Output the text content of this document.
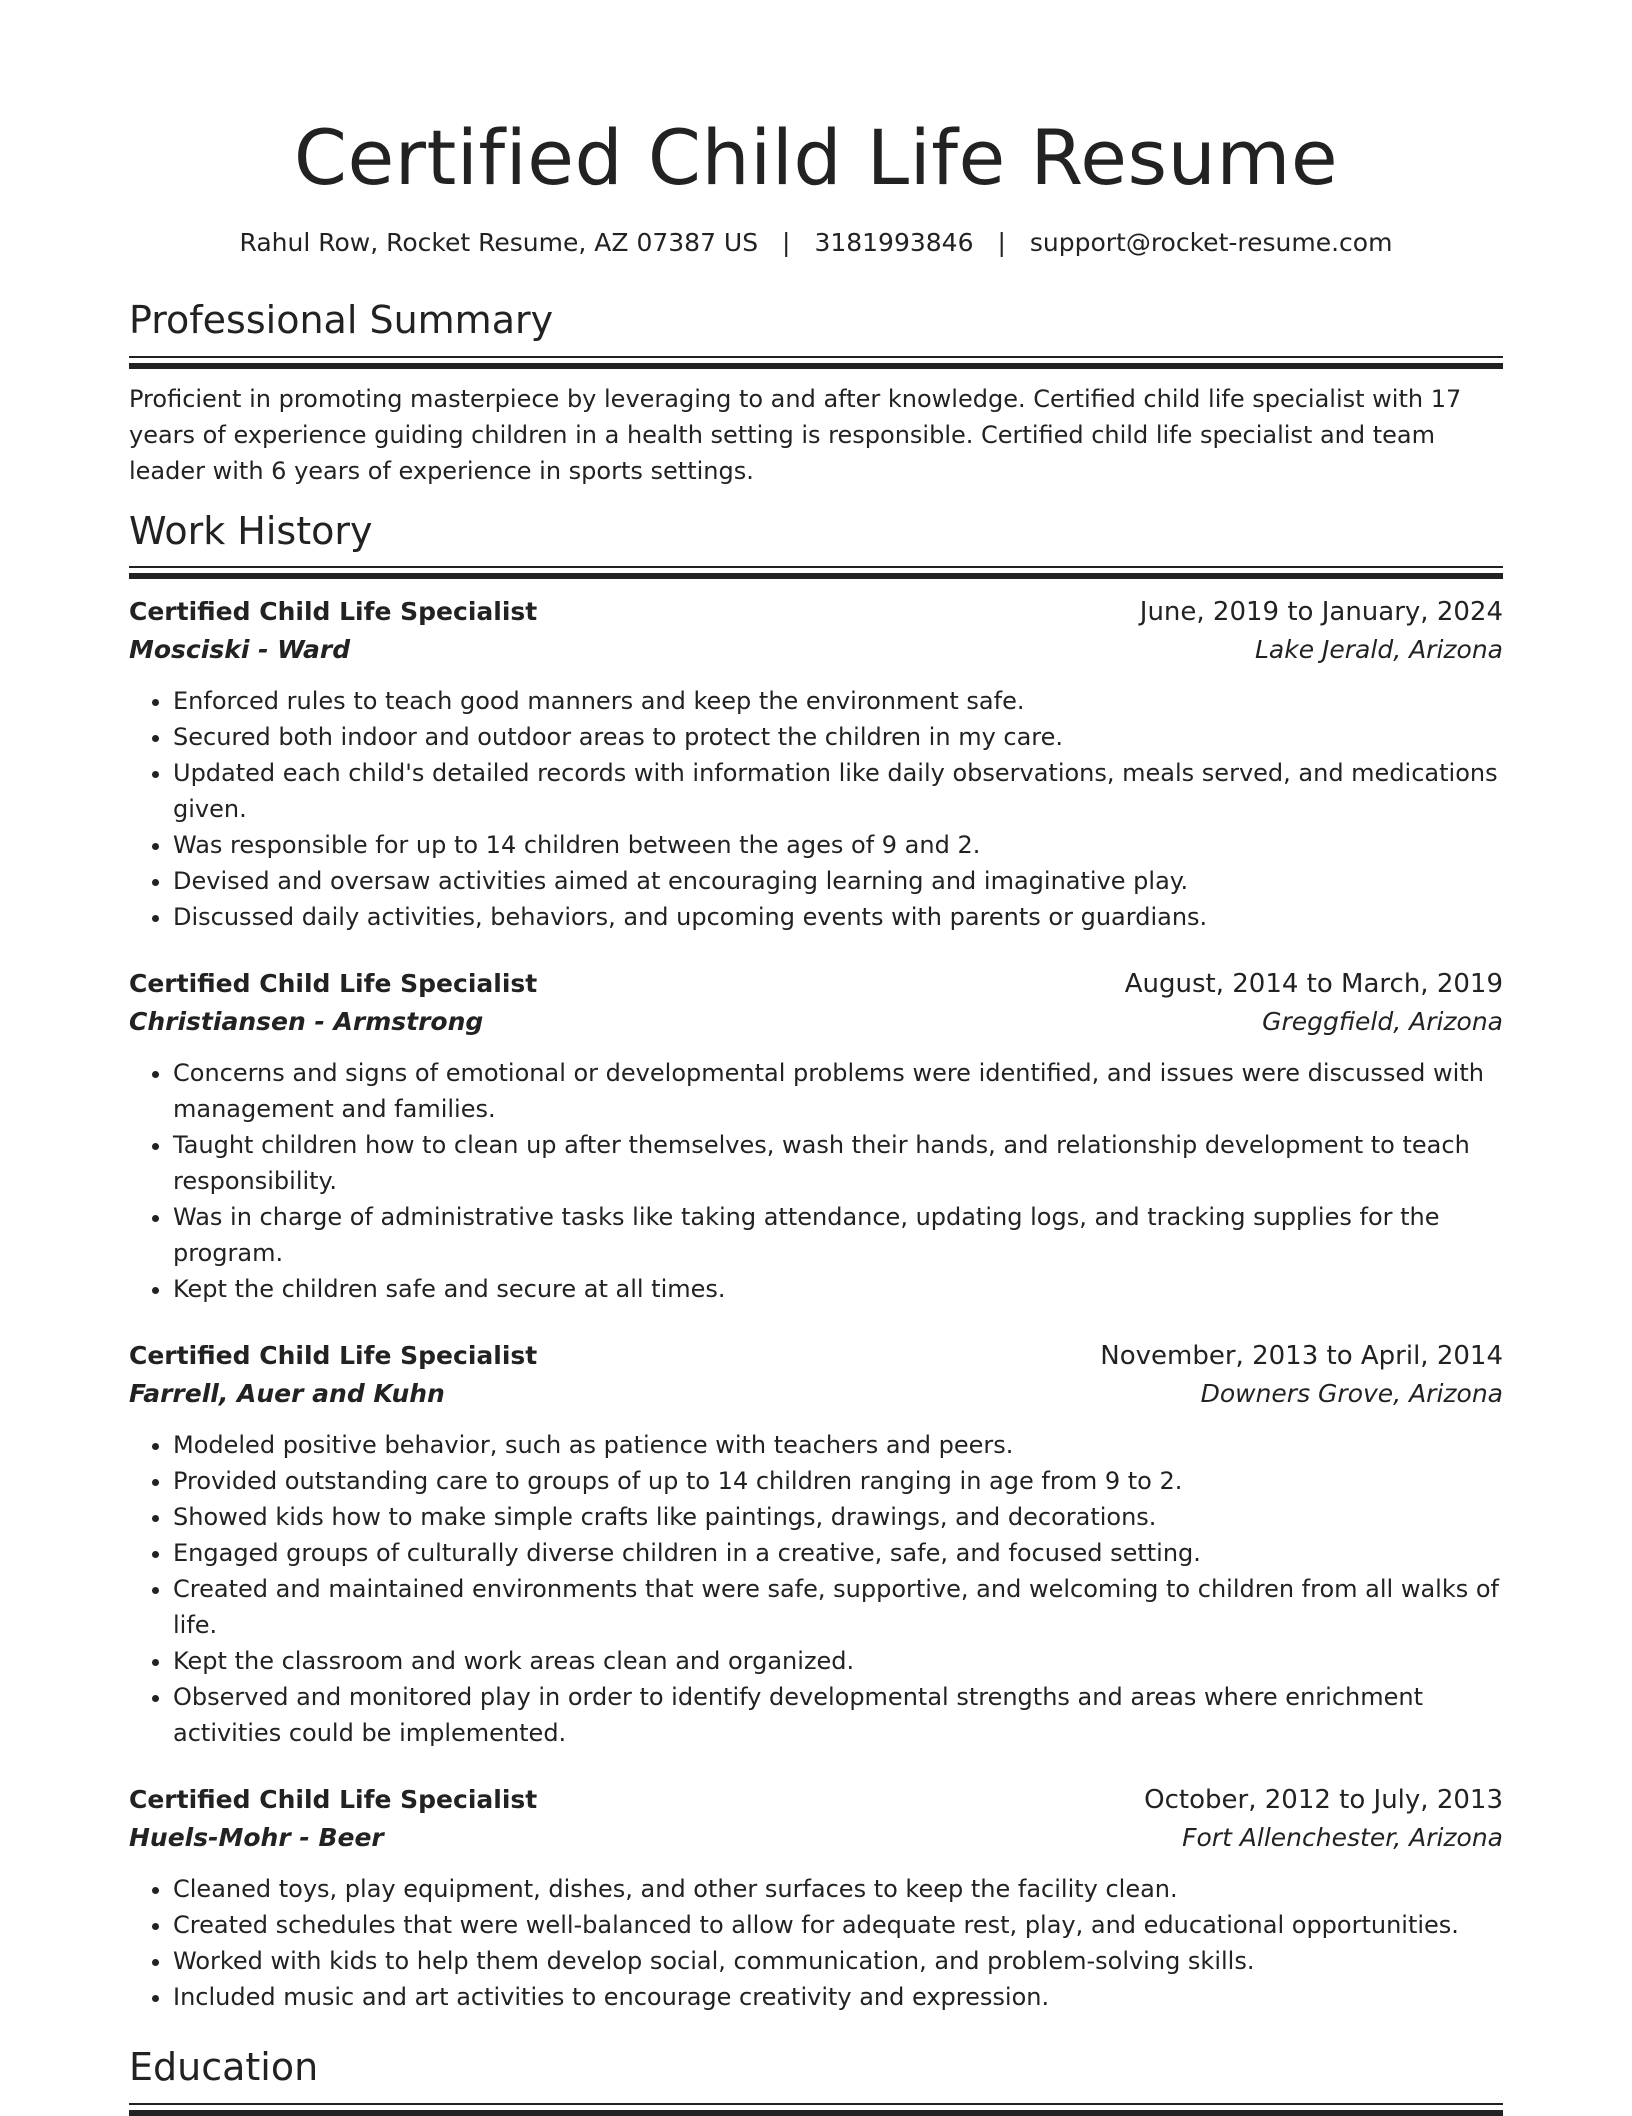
Certified Child Life Resume
Rahul Row, Rocket Resume, AZ 07387 US | 3181993846 | support@rocket-resume.com
Professional Summary

Proficient in promoting masterpiece by leveraging to and after knowledge. Certified child life specialist with 17 years of experience guiding children in a health setting is responsible. Certified child life specialist and team leader with 6 years of experience in sports settings.

Work History
Certified Child Life Specialist	June, 2019 to January, 2024
Mosciski - Ward	Lake Jerald, Arizona
• Enforced rules to teach good manners and keep the environment safe.
• Secured both indoor and outdoor areas to protect the children in my care.
• Updated each child's detailed records with information like daily observations, meals served, and medications given.
• Was responsible for up to 14 children between the ages of 9 and 2.
• Devised and oversaw activities aimed at encouraging learning and imaginative play.
• Discussed daily activities, behaviors, and upcoming events with parents or guardians.
Certified Child Life Specialist	August, 2014 to March, 2019
Christiansen - Armstrong	Greggfield, Arizona
• Concerns and signs of emotional or developmental problems were identified, and issues were discussed with management and families.
• Taught children how to clean up after themselves, wash their hands, and relationship development to teach responsibility.
• Was in charge of administrative tasks like taking attendance, updating logs, and tracking supplies for the program.
• Kept the children safe and secure at all times.
Certified Child Life Specialist	November, 2013 to April, 2014
Farrell, Auer and Kuhn	Downers Grove, Arizona
• Modeled positive behavior, such as patience with teachers and peers.
• Provided outstanding care to groups of up to 14 children ranging in age from 9 to 2.
• Showed kids how to make simple crafts like paintings, drawings, and decorations.
• Engaged groups of culturally diverse children in a creative, safe, and focused setting.
• Created and maintained environments that were safe, supportive, and welcoming to children from all walks of life.
• Kept the classroom and work areas clean and organized.
• Observed and monitored play in order to identify developmental strengths and areas where enrichment activities could be implemented.
Certified Child Life Specialist	October, 2012 to July, 2013
Huels-Mohr - Beer	Fort Allenchester, Arizona
• Cleaned toys, play equipment, dishes, and other surfaces to keep the facility clean.
• Created schedules that were well-balanced to allow for adequate rest, play, and educational opportunities.
• Worked with kids to help them develop social, communication, and problem-solving skills.
• Included music and art activities to encourage creativity and expression.
Education
